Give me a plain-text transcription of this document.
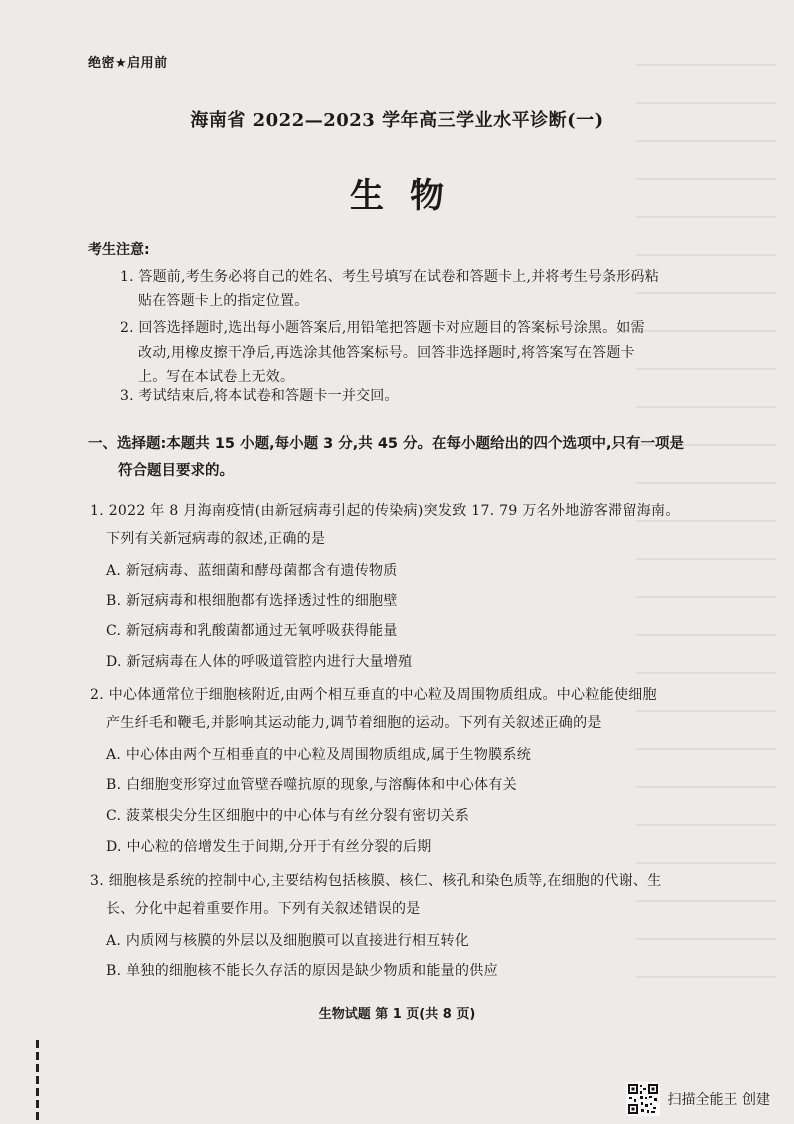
绝密★启用前
海南省 2022—2023 学年高三学业水平诊断(一)
生物
考生注意:
1. 答题前,考生务必将自己的姓名、考生号填写在试卷和答题卡上,并将考生号条形码粘
贴在答题卡上的指定位置。
2. 回答选择题时,选出每小题答案后,用铅笔把答题卡对应题目的答案标号涂黑。如需
改动,用橡皮擦干净后,再选涂其他答案标号。回答非选择题时,将答案写在答题卡
上。写在本试卷上无效。
3. 考试结束后,将本试卷和答题卡一并交回。
一、选择题:本题共 15 小题,每小题 3 分,共 45 分。在每小题给出的四个选项中,只有一项是
符合题目要求的。
1. 2022 年 8 月海南疫情(由新冠病毒引起的传染病)突发致 17. 79 万名外地游客滞留海南。
下列有关新冠病毒的叙述,正确的是
A. 新冠病毒、蓝细菌和酵母菌都含有遗传物质
B. 新冠病毒和根细胞都有选择透过性的细胞壁
C. 新冠病毒和乳酸菌都通过无氧呼吸获得能量
D. 新冠病毒在人体的呼吸道管腔内进行大量增殖
2. 中心体通常位于细胞核附近,由两个相互垂直的中心粒及周围物质组成。中心粒能使细胞
产生纤毛和鞭毛,并影响其运动能力,调节着细胞的运动。下列有关叙述正确的是
A. 中心体由两个互相垂直的中心粒及周围物质组成,属于生物膜系统
B. 白细胞变形穿过血管壁吞噬抗原的现象,与溶酶体和中心体有关
C. 菠菜根尖分生区细胞中的中心体与有丝分裂有密切关系
D. 中心粒的倍增发生于间期,分开于有丝分裂的后期
3. 细胞核是系统的控制中心,主要结构包括核膜、核仁、核孔和染色质等,在细胞的代谢、生
长、分化中起着重要作用。下列有关叙述错误的是
A. 内质网与核膜的外层以及细胞膜可以直接进行相互转化
B. 单独的细胞核不能长久存活的原因是缺少物质和能量的供应
生物试题 第 1 页(共 8 页)
扫描全能王 创建
